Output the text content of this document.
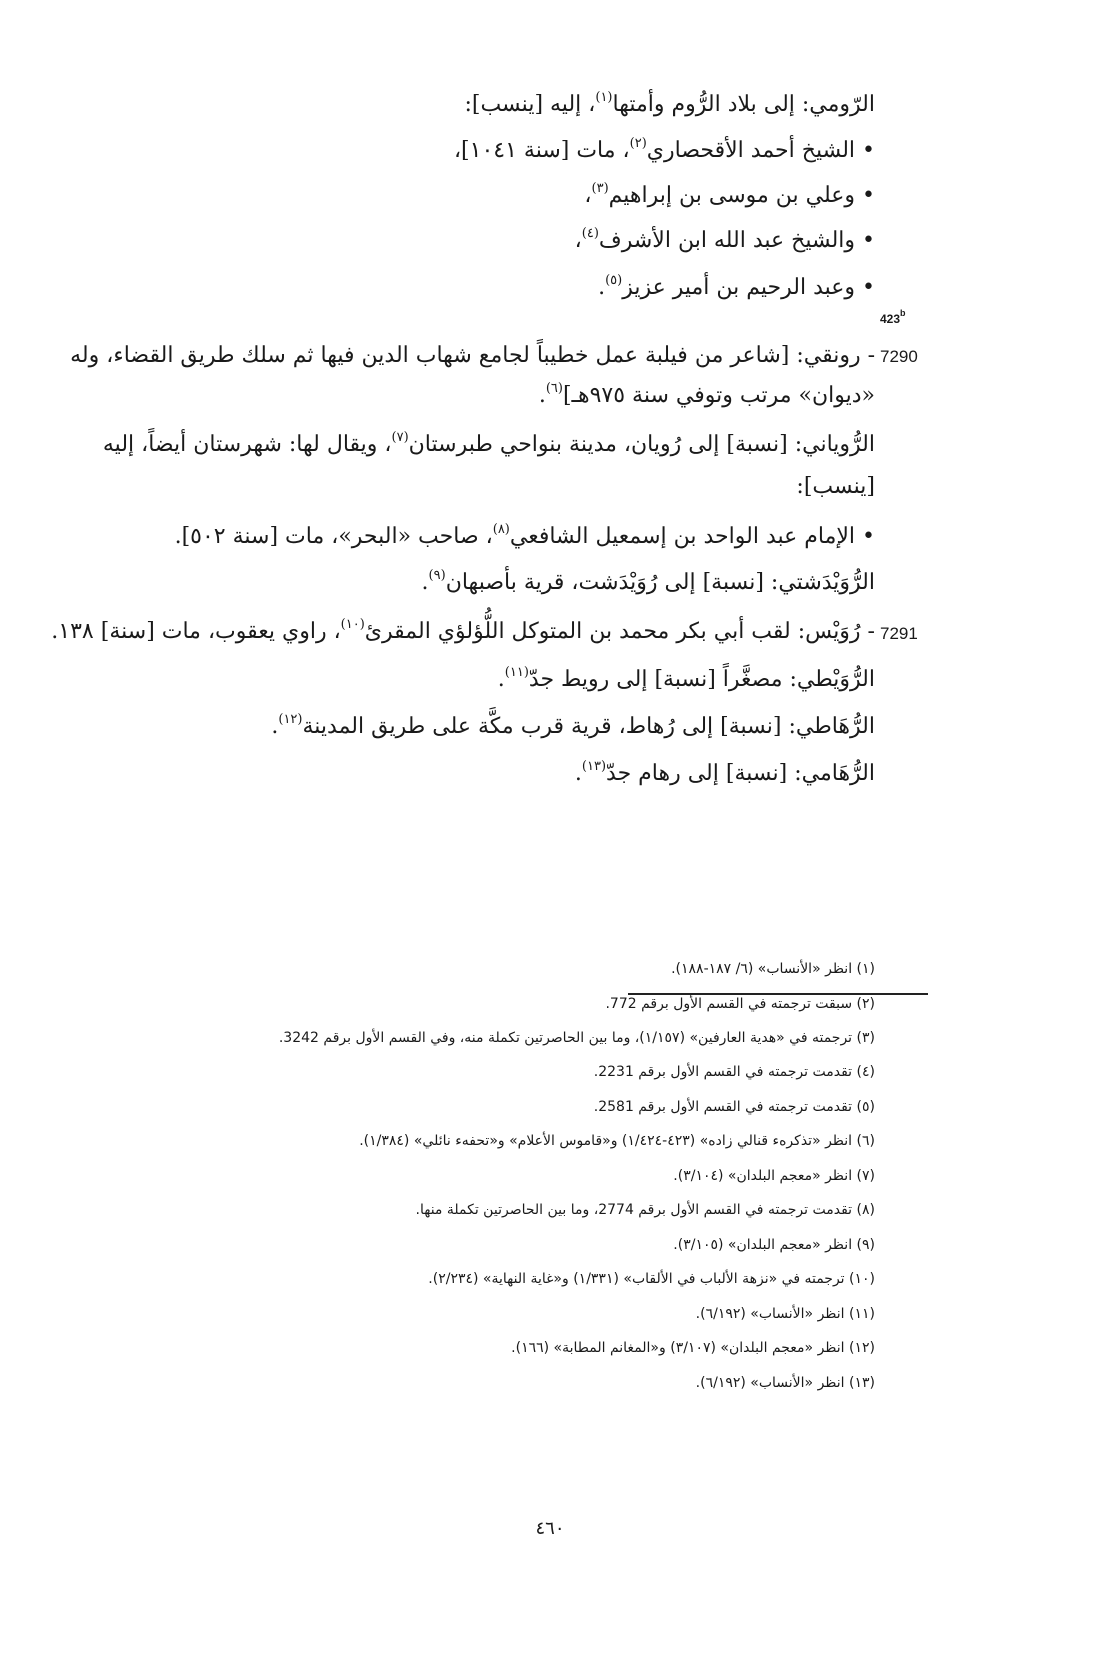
الرّومي: إلى بلاد الرُّوم وأمتها$^{(١)}$، إليه [ينسب]:
• الشيخ أحمد الأقحصاري$^{(٢)}$، مات [سنة ١٠٤١]،
• وعلي بن موسى بن إبراهيم$^{(٣)}$،
• والشيخ عبد الله ابن الأشرف$^{(٤)}$،
• وعبد الرحيم بن أمير عزيز$^{(٥)}$.
423$^b$
7290
- رونقي: [شاعر من فيلبة عمل خطيباً لجامع شهاب الدين فيها ثم سلك طريق القضاء، وله
«ديوان» مرتب وتوفي سنة ٩٧٥هـ]$^{(٦)}$.
الرُّوياني: [نسبة] إلى رُويان، مدينة بنواحي طبرستان$^{(٧)}$، ويقال لها: شهرستان أيضاً، إليه
[ينسب]:
• الإمام عبد الواحد بن إسمعيل الشافعي$^{(٨)}$، صاحب «البحر»، مات [سنة ٥٠٢].
الرُّوَيْدَشتي: [نسبة] إلى رُوَيْدَشت، قرية بأصبهان$^{(٩)}$.
7291
- رُوَيْس: لقب أبي بكر محمد بن المتوكل اللُّؤلؤي المقرئ$^{(١٠)}$، راوي يعقوب، مات [سنة] ١٣٨.
الرُّوَيْطي: مصغَّراً [نسبة] إلى رويط جدّ$^{(١١)}$.
الرُّهَاطي: [نسبة] إلى رُهاط، قرية قرب مكَّة على طريق المدينة$^{(١٢)}$.
الرُّهَامي: [نسبة] إلى رهام جدّ$^{(١٣)}$.
(١) انظر «الأنساب» (٦/ ١٨٧-١٨٨).
(٢) سبقت ترجمته في القسم الأول برقم 772.
(٣) ترجمته في «هدية العارفين» (١/١٥٧)، وما بين الحاصرتين تكملة منه، وفي القسم الأول برقم 3242.
(٤) تقدمت ترجمته في القسم الأول برقم 2231.
(٥) تقدمت ترجمته في القسم الأول برقم 2581.
(٦) انظر «تذكرهء قنالي زاده» (٤٢٣-١/٤٢٤) و«قاموس الأعلام» و«تحفهء نائلي» (١/٣٨٤).
(٧) انظر «معجم البلدان» (٣/١٠٤).
(٨) تقدمت ترجمته في القسم الأول برقم 2774، وما بين الحاصرتين تكملة منها.
(٩) انظر «معجم البلدان» (٣/١٠٥).
(١٠) ترجمته في «نزهة الألباب في الألقاب» (١/٣٣١) و«غاية النهاية» (٢/٢٣٤).
(١١) انظر «الأنساب» (٦/١٩٢).
(١٢) انظر «معجم البلدان» (٣/١٠٧) و«المغانم المطابة» (١٦٦).
(١٣) انظر «الأنساب» (٦/١٩٢).
٤٦٠
